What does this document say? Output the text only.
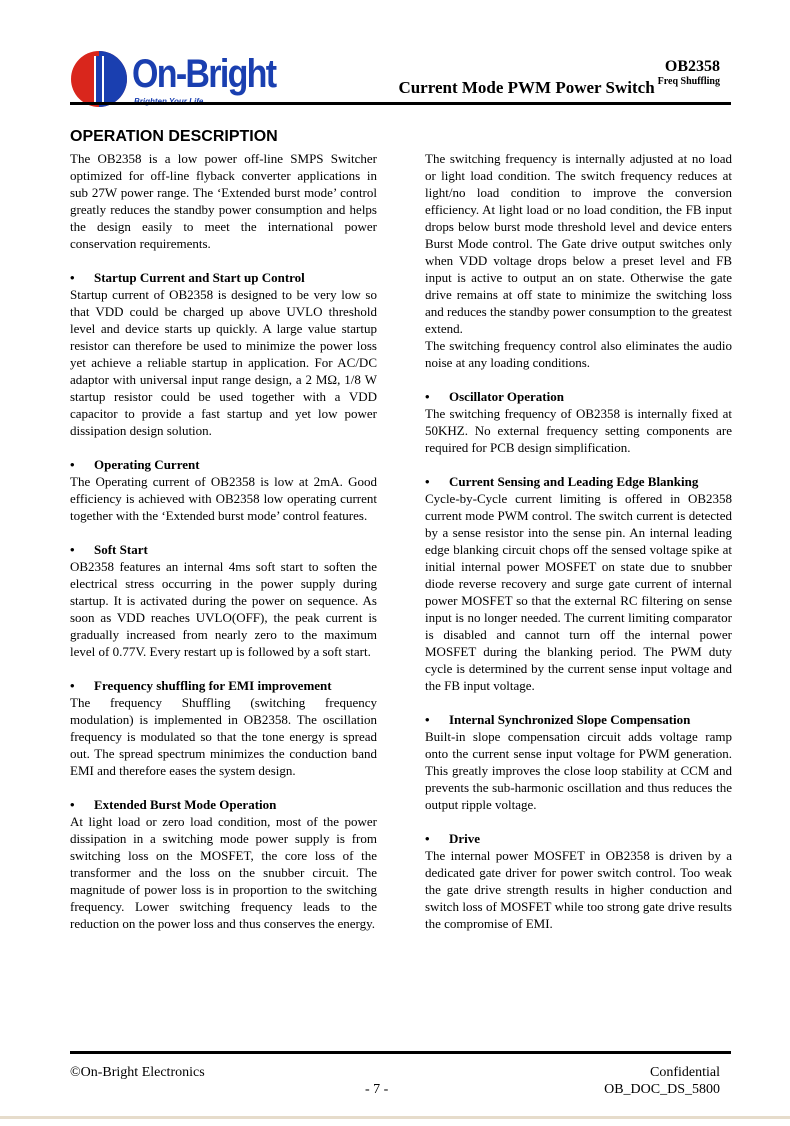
On-Bright	OB2358
Current Mode PWM Power Switch $^{Freq Shuffling}$
OPERATION DESCRIPTION

The OB2358 is a low power off-line SMPS Switcher optimized for off-line flyback converter applications in sub 27W power range. The ‘Extended burst mode’ control greatly reduces the standby power consumption and helps the design easily to meet the international power conservation requirements.

• Startup Current and Start up Control

Startup current of OB2358 is designed to be very low so that VDD could be charged up above UVLO threshold level and device starts up quickly. A large value startup resistor can therefore be used to minimize the power loss yet achieve a reliable startup in application. For AC/DC adaptor with universal input range design, a 2 MΩ, 1/8 W startup resistor could be used together with a VDD capacitor to provide a fast startup and yet low power dissipation design solution.

• Operating Current

The Operating current of OB2358 is low at 2mA. Good efficiency is achieved with OB2358 low operating current together with the ‘Extended burst mode’ control features.

• Soft Start

OB2358 features an internal 4ms soft start to soften the electrical stress occurring in the power supply during startup. It is activated during the power on sequence. As soon as VDD reaches UVLO(OFF), the peak current is gradually increased from nearly zero to the maximum level of 0.77V. Every restart up is followed by a soft start.

• Frequency shuffling for EMI improvement

The frequency Shuffling (switching frequency modulation) is implemented in OB2358. The oscillation frequency is modulated so that the tone energy is spread out. The spread spectrum minimizes the conduction band EMI and therefore eases the system design.

• Extended Burst Mode Operation

At light load or zero load condition, most of the power dissipation in a switching mode power supply is from switching loss on the MOSFET, the core loss of the transformer and the loss on the snubber circuit. The magnitude of power loss is in proportion to the switching frequency. Lower switching frequency leads to the reduction on the power loss and thus conserves the energy.

The switching frequency is internally adjusted at no load or light load condition. The switch frequency reduces at light/no load condition to improve the conversion efficiency. At light load or no load condition, the FB input drops below burst mode threshold level and device enters Burst Mode control. The Gate drive output switches only when VDD voltage drops below a preset level and FB input is active to output an on state. Otherwise the gate drive remains at off state to minimize the switching loss and reduces the standby power consumption to the greatest extend.

The switching frequency control also eliminates the audio noise at any loading conditions.

• Oscillator Operation

The switching frequency of OB2358 is internally fixed at 50KHZ. No external frequency setting components are required for PCB design simplification.

• Current Sensing and Leading Edge Blanking

Cycle-by-Cycle current limiting is offered in OB2358 current mode PWM control. The switch current is detected by a sense resistor into the sense pin. An internal leading edge blanking circuit chops off the sensed voltage spike at initial internal power MOSFET on state due to snubber diode reverse recovery and surge gate current of internal power MOSFET so that the external RC filtering on sense input is no longer needed. The current limiting comparator is disabled and cannot turn off the internal power MOSFET during the blanking period. The PWM duty cycle is determined by the current sense input voltage and the FB input voltage.

• Internal Synchronized Slope Compensation

Built-in slope compensation circuit adds voltage ramp onto the current sense input voltage for PWM generation. This greatly improves the close loop stability at CCM and prevents the sub-harmonic oscillation and thus reduces the output ripple voltage.

• Drive

The internal power MOSFET in OB2358 is driven by a dedicated gate driver for power switch control. Too weak the gate drive strength results in higher conduction and switch loss of MOSFET while too strong gate drive results the compromise of EMI.

©On-Bright Electronics	Confidential
- 7 -	OB_DOC_DS_5800
